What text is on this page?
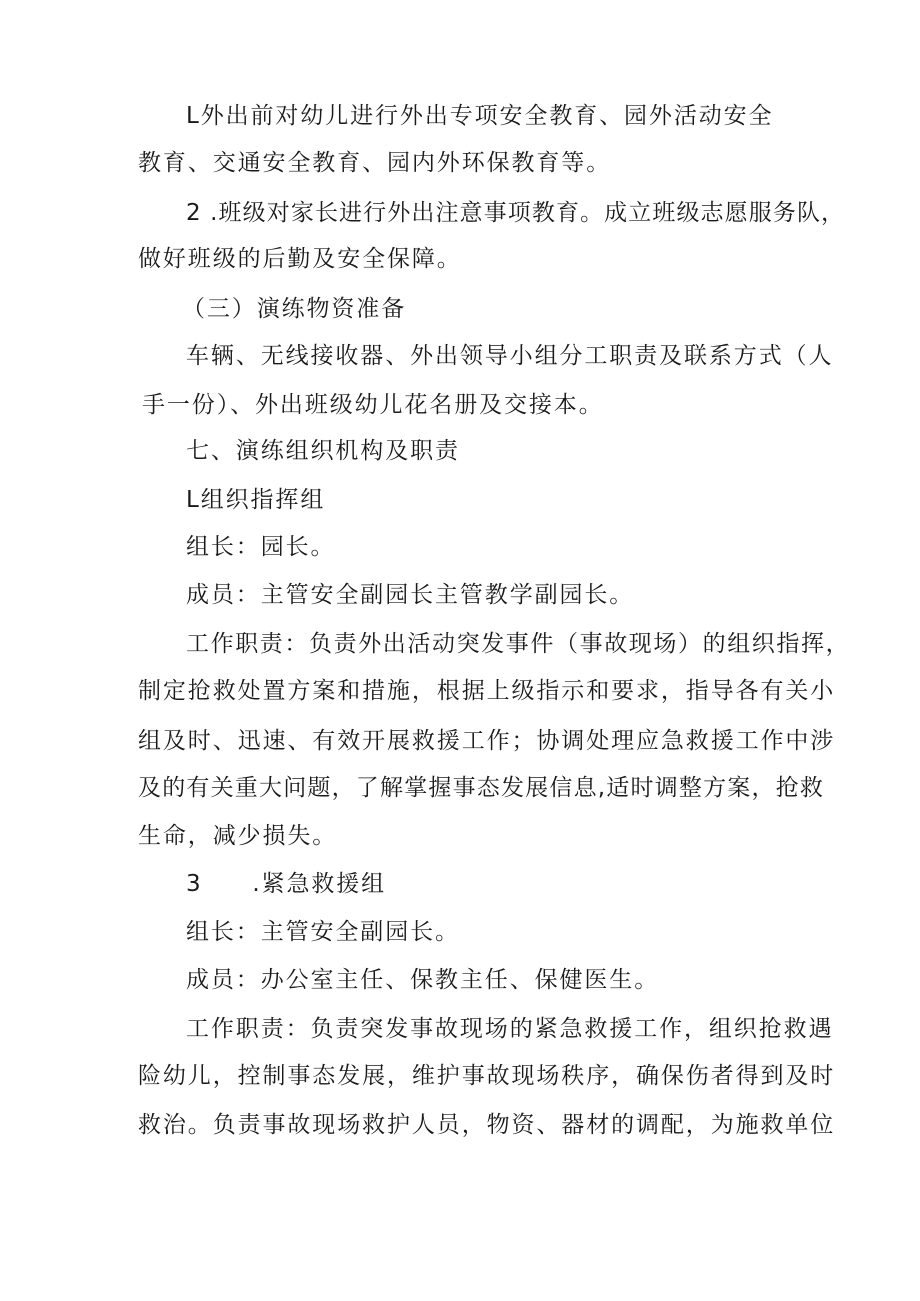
L外出前对幼儿进行外出专项安全教育、园外活动安全

教育、交通安全教育、园内外环保教育等。

2 .班级对家长进行外出注意事项教育。成立班级志愿服务队，

做好班级的后勤及安全保障。

（三）演练物资准备

车辆、无线接收器、外出领导小组分工职责及联系方式（人

手一份）、外出班级幼儿花名册及交接本。

七、演练组织机构及职责

L组织指挥组

组长：园长。

成员：主管安全副园长主管教学副园长。

工作职责：负责外出活动突发事件（事故现场）的组织指挥，

制定抢救处置方案和措施，根据上级指示和要求，指导各有关小

组及时、迅速、有效开展救援工作；协调处理应急救援工作中涉

及的有关重大问题，了解掌握事态发展信息,适时调整方案，抢救

生命，减少损失。

3　　.紧急救援组

组长：主管安全副园长。

成员：办公室主任、保教主任、保健医生。

工作职责：负责突发事故现场的紧急救援工作，组织抢救遇

险幼儿，控制事态发展，维护事故现场秩序，确保伤者得到及时

救治。负责事故现场救护人员，物资、器材的调配，为施救单位
